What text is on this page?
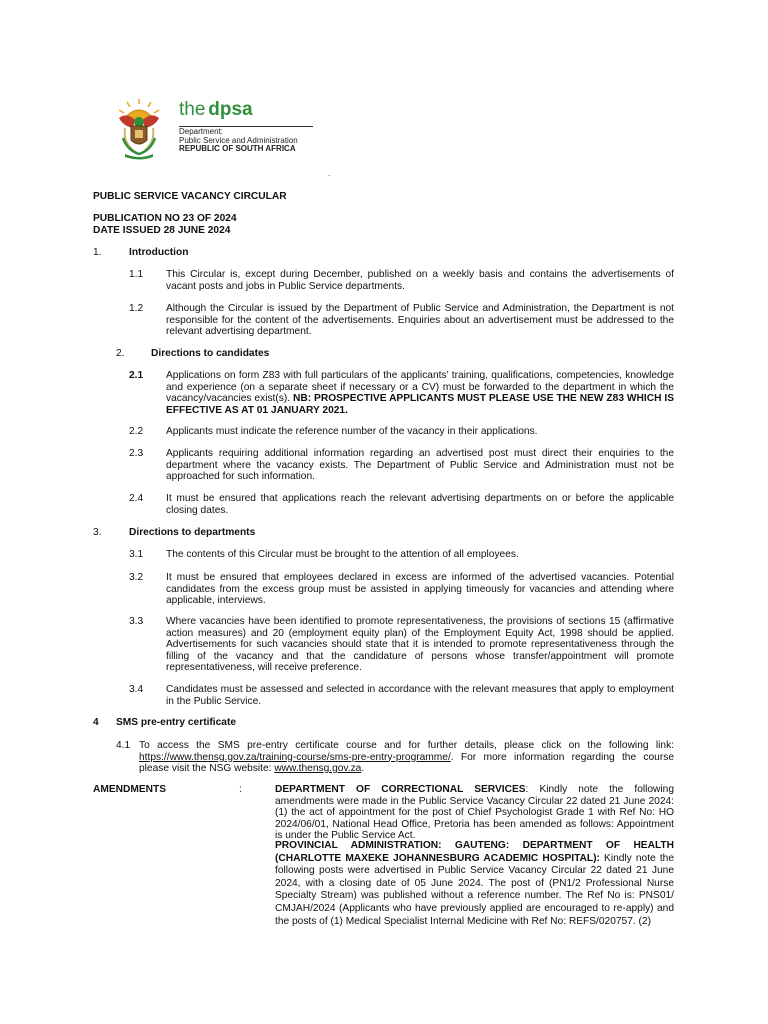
the dpsa
Department:
Public Service and Administration
REPUBLIC OF SOUTH AFRICA
.
PUBLIC SERVICE VACANCY CIRCULAR
PUBLICATION NO 23 OF 2024
DATE ISSUED 28 JUNE 2024
1.	Introduction
1.1 This Circular is, except during December, published on a weekly basis and contains the advertisements of vacant posts and jobs in Public Service departments.
1.2 Although the Circular is issued by the Department of Public Service and Administration, the Department is not responsible for the content of the advertisements. Enquiries about an advertisement must be addressed to the relevant advertising department.
2.	Directions to candidates
2.1 Applications on form Z83 with full particulars of the applicants’ training, qualifications, competencies, knowledge and experience (on a separate sheet if necessary or a CV) must be forwarded to the department in which the vacancy/vacancies exist(s). NB: PROSPECTIVE APPLICANTS MUST PLEASE USE THE NEW Z83 WHICH IS EFFECTIVE AS AT 01 JANUARY 2021.
2.2 Applicants must indicate the reference number of the vacancy in their applications.
2.3 Applicants requiring additional information regarding an advertised post must direct their enquiries to the department where the vacancy exists. The Department of Public Service and Administration must not be approached for such information.
2.4 It must be ensured that applications reach the relevant advertising departments on or before the applicable closing dates.
3.	Directions to departments
3.1 The contents of this Circular must be brought to the attention of all employees.
3.2 It must be ensured that employees declared in excess are informed of the advertised vacancies. Potential candidates from the excess group must be assisted in applying timeously for vacancies and attending where applicable, interviews.
3.3 Where vacancies have been identified to promote representativeness, the provisions of sections 15 (affirmative action measures) and 20 (employment equity plan) of the Employment Equity Act, 1998 should be applied. Advertisements for such vacancies should state that it is intended to promote representativeness through the filling of the vacancy and that the candidature of persons whose transfer/appointment will promote representativeness, will receive preference.
3.4 Candidates must be assessed and selected in accordance with the relevant measures that apply to employment in the Public Service.
4 SMS pre-entry certificate
4.1 To access the SMS pre-entry certificate course and for further details, please click on the following link: https://www.thensg.gov.za/training-course/sms-pre-entry-programme/. For more information regarding the course please visit the NSG website: www.thensg.gov.za.
AMENDMENTS	:	DEPARTMENT OF CORRECTIONAL SERVICES: Kindly note the following amendments were made in the Public Service Vacancy Circular 22 dated 21 June 2024: (1) the act of appointment for the post of Chief Psychologist Grade 1 with Ref No: HO 2024/06/01, National Head Office, Pretoria has been amended as follows: Appointment is under the Public Service Act.
PROVINCIAL ADMINISTRATION: GAUTENG: DEPARTMENT OF HEALTH (CHARLOTTE MAXEKE JOHANNESBURG ACADEMIC HOSPITAL): Kindly note the following posts were advertised in Public Service Vacancy Circular 22 dated 21 June 2024, with a closing date of 05 June 2024. The post of (PN1/2 Professional Nurse Specialty Stream) was published without a reference number. The Ref No is: PNS01/ CMJAH/2024 (Applicants who have previously applied are encouraged to re-apply) and the posts of (1) Medical Specialist Internal Medicine with Ref No: REFS/020757. (2)
